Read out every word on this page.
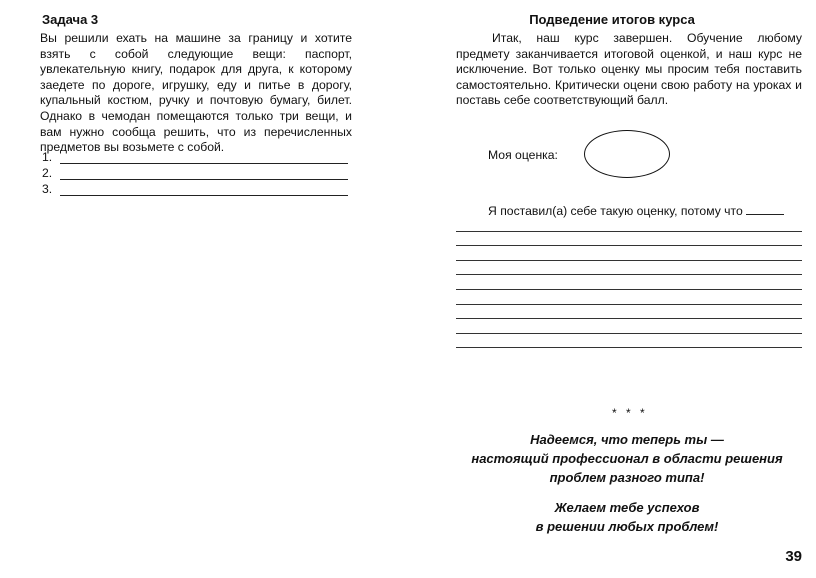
Задача 3

Вы решили ехать на машине за границу и хотите взять с собой следующие вещи: паспорт, увлекательную книгу, подарок для друга, к которому заедете по дороге, игрушку, еду и питье в дорогу, купальный костюм, ручку и почтовую бумагу, билет. Однако в чемодан помещаются только три вещи, и вам нужно сообща решить, что из перечисленных предметов вы возьмете с собой.

1.
2.
3.
Подведение итогов курса

Итак, наш курс завершен. Обучение любому предмету заканчивается итоговой оценкой, и наш курс не исключение. Вот только оценку мы просим тебя поставить самостоятельно. Критически оцени свою работу на уроках и поставь себе соответствующий балл.

Моя оценка:
Я поставил(а) себе такую оценку, потому что
* * *
Надеемся, что теперь ты —
настоящий профессионал в области решения
проблем разного типа!
Желаем тебе успехов
в решении любых проблем!
39
